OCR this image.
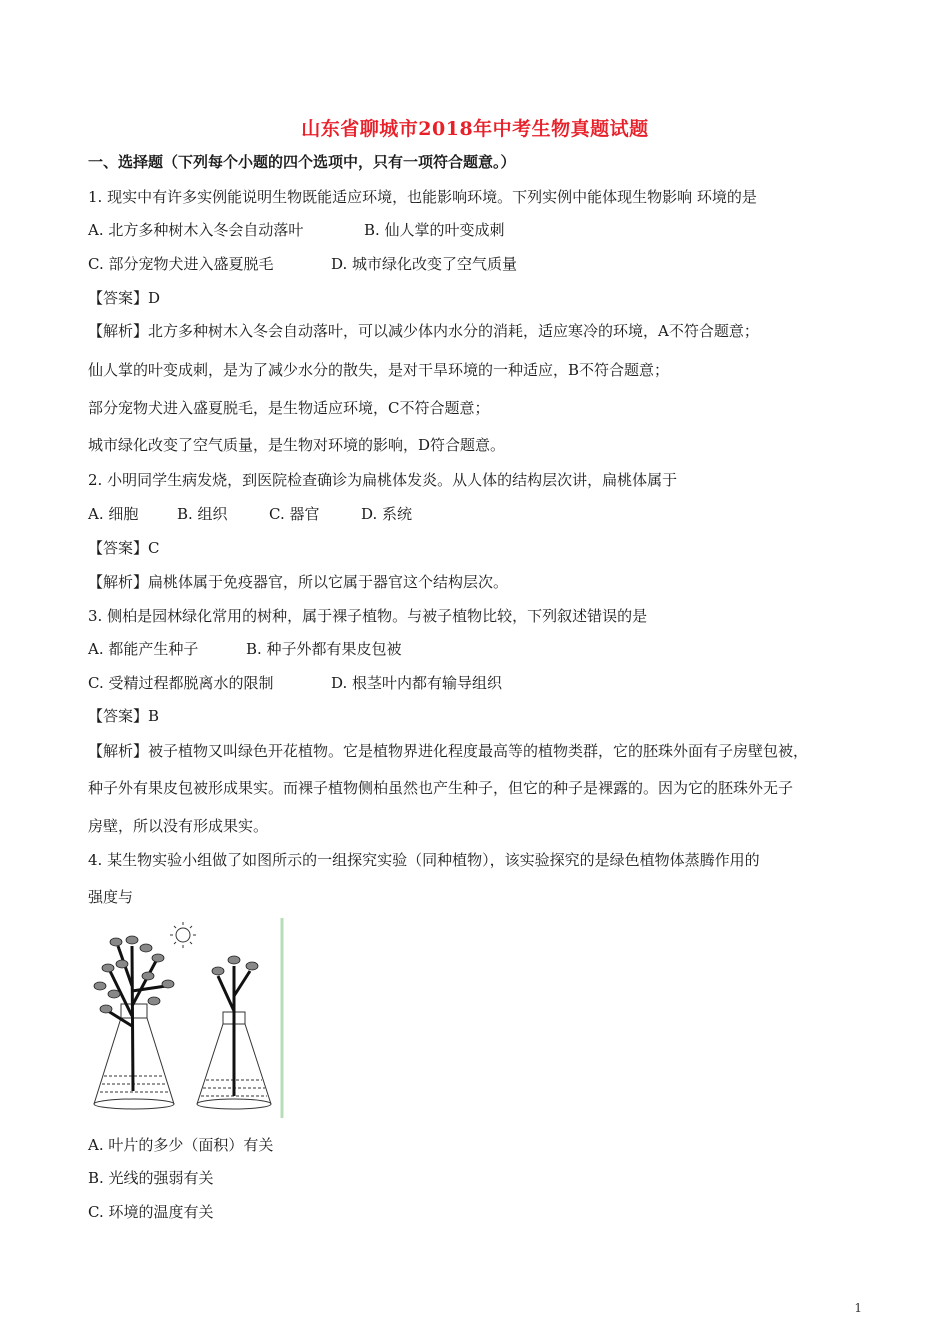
山东省聊城市2018年中考生物真题试题
一、选择题（下列每个小题的四个选项中，只有一项符合题意。）
1. 现实中有许多实例能说明生物既能适应环境，也能影响环境。下列实例中能体现生物影响 环境的是
A. 北方多种树木入冬会自动落叶	B. 仙人掌的叶变成刺
C. 部分宠物犬进入盛夏脱毛	D. 城市绿化改变了空气质量
【答案】D
【解析】北方多种树木入冬会自动落叶，可以减少体内水分的消耗，适应寒冷的环境，A不符合题意；
仙人掌的叶变成刺，是为了减少水分的散失，是对干旱环境的一种适应，B不符合题意；
部分宠物犬进入盛夏脱毛，是生物适应环境，C不符合题意；
城市绿化改变了空气质量，是生物对环境的影响，D符合题意。
2. 小明同学生病发烧，到医院检查确诊为扁桃体发炎。从人体的结构层次讲，扁桃体属于
A. 细胞	B. 组织	C. 器官	D. 系统
【答案】C
【解析】扁桃体属于免疫器官，所以它属于器官这个结构层次。
3. 侧柏是园林绿化常用的树种，属于裸子植物。与被子植物比较，下列叙述错误的是
A. 都能产生种子	B. 种子外都有果皮包被
C. 受精过程都脱离水的限制	D. 根茎叶内都有输导组织
【答案】B
【解析】被子植物又叫绿色开花植物。它是植物界进化程度最高等的植物类群，它的胚珠外面有子房壁包被，
种子外有果皮包被形成果实。而裸子植物侧柏虽然也产生种子，但它的种子是裸露的。因为它的胚珠外无子
房壁，所以没有形成果实。
4. 某生物实验小组做了如图所示的一组探究实验（同种植物），该实验探究的是绿色植物体蒸腾作用的
强度与
A. 叶片的多少（面积）有关
B. 光线的强弱有关
C. 环境的温度有关
1
